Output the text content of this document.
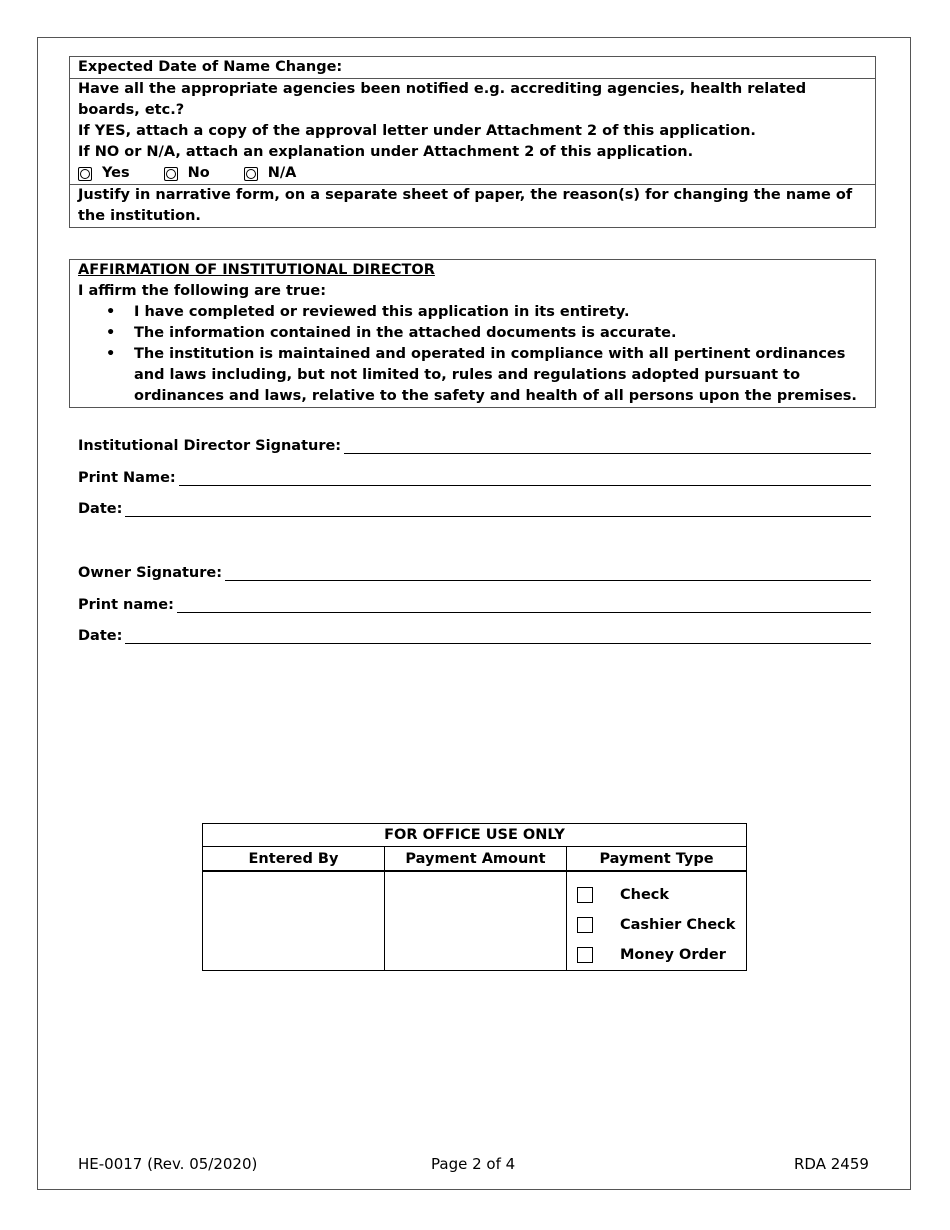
Expected Date of Name Change:
Have all the appropriate agencies been notified e.g. accrediting agencies, health related boards, etc.?
If YES, attach a copy of the approval letter under Attachment 2 of this application.
If NO or N/A, attach an explanation under Attachment 2 of this application.
Yes	No	N/A
Justify in narrative form, on a separate sheet of paper, the reason(s) for changing the name of the institution.
AFFIRMATION OF INSTITUTIONAL DIRECTOR
I affirm the following are true:
• I have completed or reviewed this application in its entirety.
• The information contained in the attached documents is accurate.
• The institution is maintained and operated in compliance with all pertinent ordinances and laws including, but not limited to, rules and regulations adopted pursuant to ordinances and laws, relative to the safety and health of all persons upon the premises.
Institutional Director Signature:
Print Name:
Date:
Owner Signature:
Print name:
Date:
FOR OFFICE USE ONLY		
Entered By	Payment Amount	Payment Type

		Check
Cashier Check
Money Order
HE-0017 (Rev. 05/2020)	Page 2 of 4	RDA 2459
